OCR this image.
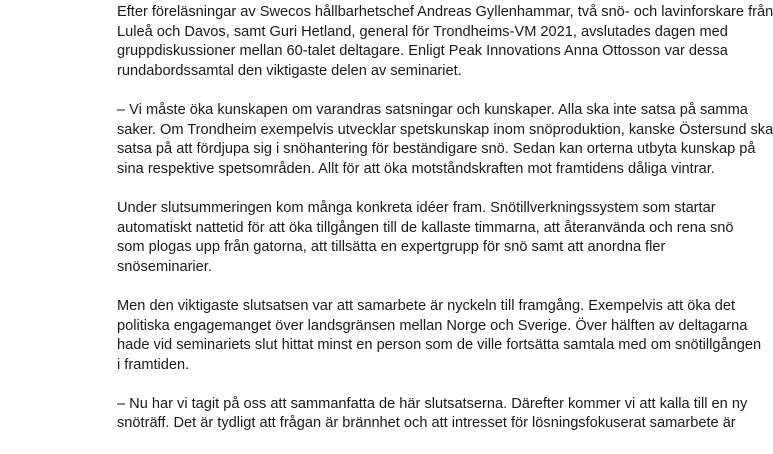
Efter föreläsningar av Swecos hållbarhetschef Andreas Gyllenhammar, två snö- och lavinforskare från
Luleå och Davos, samt Guri Hetland, general för Trondheims-VM 2021, avslutades dagen med
gruppdiskussioner mellan 60-talet deltagare. Enligt Peak Innovations Anna Ottosson var dessa
rundabordssamtal den viktigaste delen av seminariet.

– Vi måste öka kunskapen om varandras satsningar och kunskaper. Alla ska inte satsa på samma
saker. Om Trondheim exempelvis utvecklar spetskunskap inom snöproduktion, kanske Östersund ska
satsa på att fördjupa sig i snöhantering för beständigare snö. Sedan kan orterna utbyta kunskap på
sina respektive spetsområden. Allt för att öka motståndskraften mot framtidens dåliga vintrar.

Under slutsummeringen kom många konkreta idéer fram. Snötillverkningssystem som startar
automatiskt nattetid för att öka tillgången till de kallaste timmarna, att återanvända och rena snö
som plogas upp från gatorna, att tillsätta en expertgrupp för snö samt att anordna fler
snöseminarier.

Men den viktigaste slutsatsen var att samarbete är nyckeln till framgång. Exempelvis att öka det
politiska engagemanget över landsgränsen mellan Norge och Sverige. Över hälften av deltagarna
hade vid seminariets slut hittat minst en person som de ville fortsätta samtala med om snötillgången
i framtiden.

– Nu har vi tagit på oss att sammanfatta de här slutsatserna. Därefter kommer vi att kalla till en ny
snöträff. Det är tydligt att frågan är brännhet och att intresset för lösningsfokuserat samarbete är
